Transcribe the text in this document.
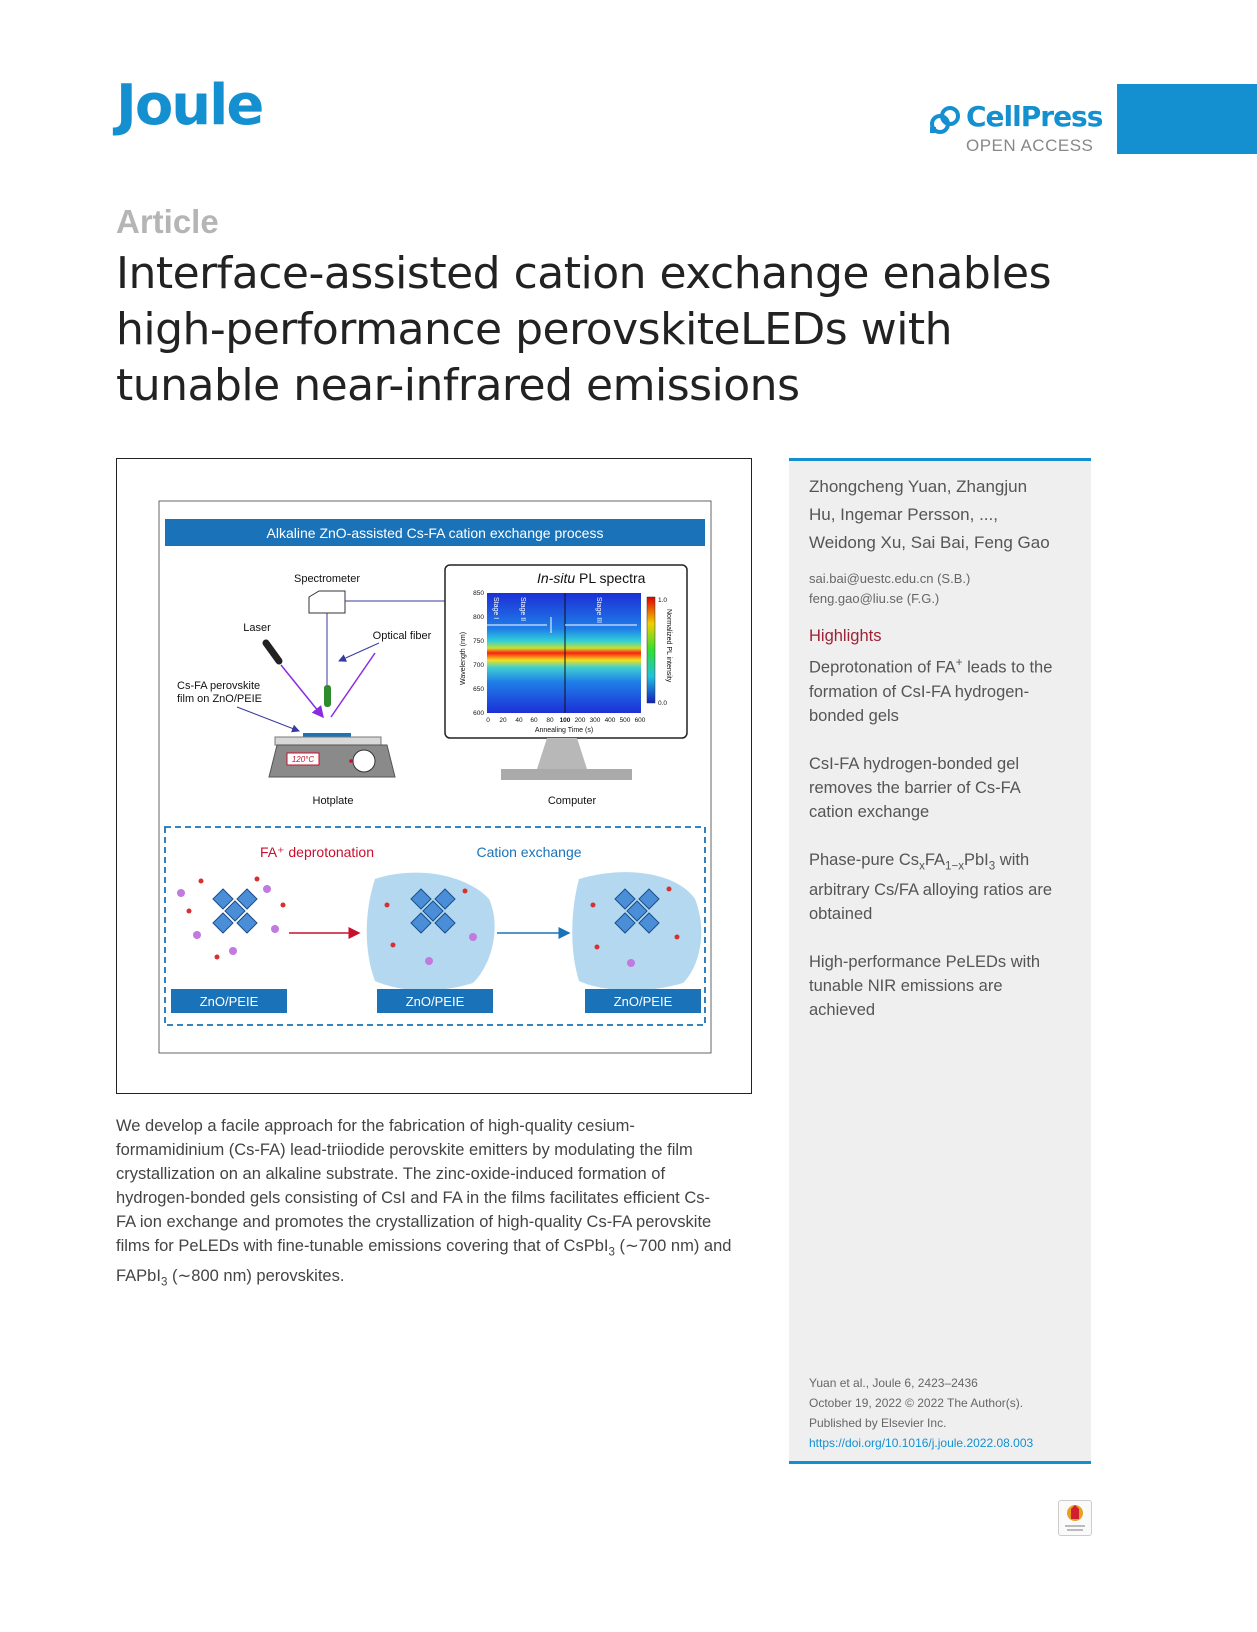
Joule	CellPress
OPEN ACCESS
Article
Interface-assisted cation exchange enables
high-performance perovskiteLEDs with
tunable near-infrared emissions
Alkaline ZnO-assisted Cs-FA cation exchange process
Spectrometer
Laser
Optical fiber
Cs-FA perovskite
film on ZnO/PEIE
120°C
Hotplate	Computer
In-situ PL spectra
Stage I	Stage II	Stage III
850
800
750
700
650
600
Wavelength (nm)
0 20 40 60 80 100 200 300 400 500 600
Annealing Time (s)
1.0
0.0
Normalized PL intensity
FA⁺ deprotonation	Cation exchange
ZnO/PEIE	ZnO/PEIE	ZnO/PEIE
We develop a facile approach for the fabrication of high-quality cesium-
formamidinium (Cs-FA) lead-triiodide perovskite emitters by modulating the film
crystallization on an alkaline substrate. The zinc-oxide-induced formation of
hydrogen-bonded gels consisting of CsI and FA in the films facilitates efficient Cs-
FA ion exchange and promotes the crystallization of high-quality Cs-FA perovskite
films for PeLEDs with fine-tunable emissions covering that of CsPbI$_3$ (∼700 nm) and
FAPbI$_3$ (∼800 nm) perovskites.
Zhongcheng Yuan, Zhangjun
Hu, Ingemar Persson, ...,
Weidong Xu, Sai Bai, Feng Gao
sai.bai@uestc.edu.cn (S.B.)
feng.gao@liu.se (F.G.)
Highlights
Deprotonation of FA+ leads to the
formation of CsI-FA hydrogen-
bonded gels
CsI-FA hydrogen-bonded gel
removes the barrier of Cs-FA
cation exchange
Phase-pure $Cs_xFA_{1-x}PbI_3$ with
arbitrary Cs/FA alloying ratios are
obtained
High-performance PeLEDs with
tunable NIR emissions are
achieved
Yuan et al., Joule 6, 2423–2436
October 19, 2022 © 2022 The Author(s).
Published by Elsevier Inc.
https://doi.org/10.1016/j.joule.2022.08.003
